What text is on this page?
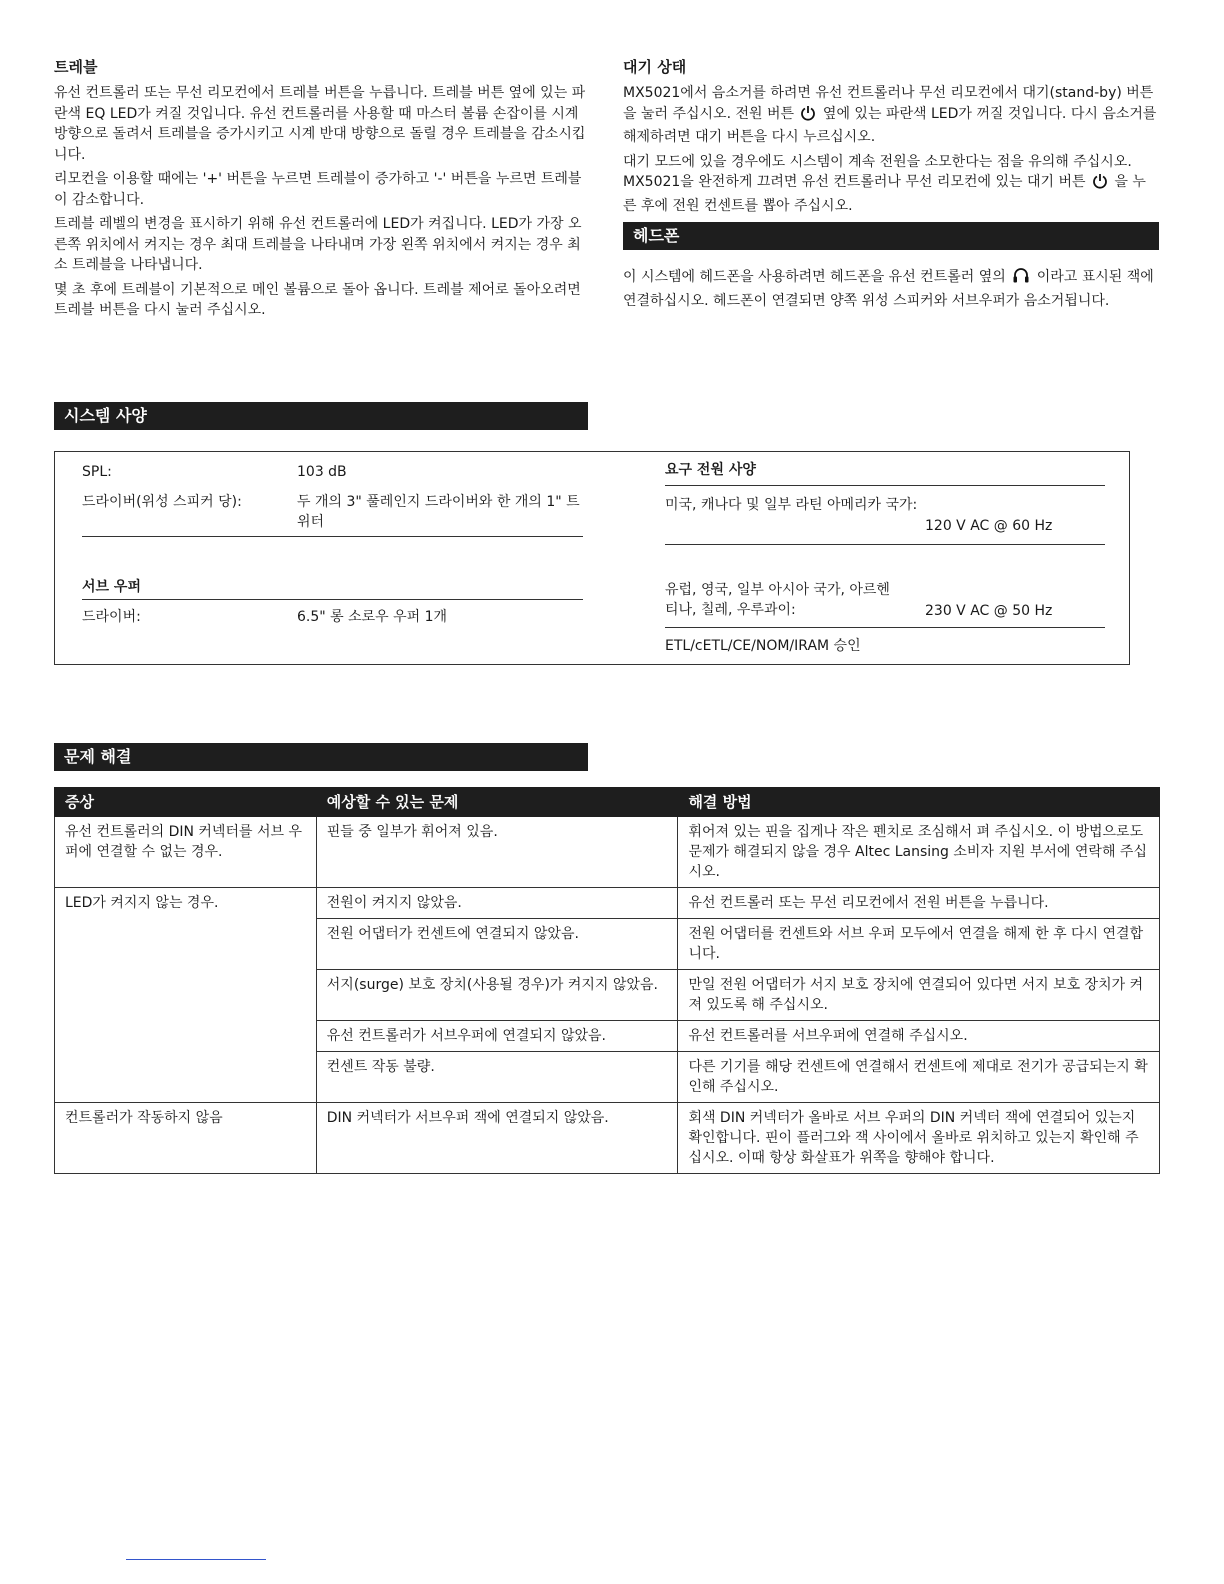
트레블

유선 컨트롤러 또는 무선 리모컨에서 트레블 버튼을 누릅니다. 트레블 버튼 옆에 있는 파란색 EQ LED가 켜질 것입니다. 유선 컨트롤러를 사용할 때 마스터 볼륨 손잡이를 시계 방향으로 돌려서 트레블을 증가시키고 시계 반대 방향으로 돌릴 경우 트레블을 감소시킵니다.

리모컨을 이용할 때에는 '+' 버튼을 누르면 트레블이 증가하고 '-' 버튼을 누르면 트레블이 감소합니다.

트레블 레벨의 변경을 표시하기 위해 유선 컨트롤러에 LED가 켜집니다. LED가 가장 오른쪽 위치에서 켜지는 경우 최대 트레블을 나타내며 가장 왼쪽 위치에서 켜지는 경우 최소 트레블을 나타냅니다.

몇 초 후에 트레블이 기본적으로 메인 볼륨으로 돌아 옵니다. 트레블 제어로 돌아오려면 트레블 버튼을 다시 눌러 주십시오.

대기 상태

MX5021에서 음소거를 하려면 유선 컨트롤러나 무선 리모컨에서 대기(stand-by) 버튼을 눌러 주십시오. 전원 버튼 옆에 있는 파란색 LED가 꺼질 것입니다. 다시 음소거를 해제하려면 대기 버튼을 다시 누르십시오.

대기 모드에 있을 경우에도 시스템이 계속 전원을 소모한다는 점을 유의해 주십시오. MX5021을 완전하게 끄려면 유선 컨트롤러나 무선 리모컨에 있는 대기 버튼 을 누른 후에 전원 컨센트를 뽑아 주십시오.

헤드폰

이 시스템에 헤드폰을 사용하려면 헤드폰을 유선 컨트롤러 옆의 이라고 표시된 잭에 연결하십시오. 헤드폰이 연결되면 양쪽 위성 스피커와 서브우퍼가 음소거됩니다.

시스템 사양
SPL:	103 dB
드라이버(위성 스피커 당):	두 개의 3" 풀레인지 드라이버와 한 개의 1" 트위터
서브 우퍼
드라이버:	6.5" 롱 소로우 우퍼 1개
요구 전원 사양
미국, 캐나다 및 일부 라틴 아메리카 국가:
120 V AC @ 60 Hz
유럽, 영국, 일부 아시아 국가, 아르헨티나, 칠레, 우루과이:	230 V AC @ 50 Hz
ETL/cETL/CE/NOM/IRAM 승인
문제 해결
증상	예상할 수 있는 문제	해결 방법
유선 컨트롤러의 DIN 커넥터를 서브 우퍼에 연결할 수 없는 경우.	핀들 중 일부가 휘어져 있음.	휘어져 있는 핀을 집게나 작은 펜치로 조심해서 펴 주십시오. 이 방법으로도 문제가 해결되지 않을 경우 Altec Lansing 소비자 지원 부서에 연락해 주십시오.
LED가 켜지지 않는 경우.	전원이 켜지지 않았음.	유선 컨트롤러 또는 무선 리모컨에서 전원 버튼을 누릅니다.
	전원 어댑터가 컨센트에 연결되지 않았음.	전원 어댑터를 컨센트와 서브 우퍼 모두에서 연결을 해제 한 후 다시 연결합니다.
	서지(surge) 보호 장치(사용될 경우)가 켜지지 않았음.	만일 전원 어댑터가 서지 보호 장치에 연결되어 있다면 서지 보호 장치가 켜져 있도록 해 주십시오.
	유선 컨트롤러가 서브우퍼에 연결되지 않았음.	유선 컨트롤러를 서브우퍼에 연결해 주십시오.
	컨센트 작동 불량.	다른 기기를 해당 컨센트에 연결해서 컨센트에 제대로 전기가 공급되는지 확인해 주십시오.
컨트롤러가 작동하지 않음	DIN 커넥터가 서브우퍼 잭에 연결되지 않았음.	회색 DIN 커넥터가 올바로 서브 우퍼의 DIN 커넥터 잭에 연결되어 있는지 확인합니다. 핀이 플러그와 잭 사이에서 올바로 위치하고 있는지 확인해 주십시오. 이때 항상 화살표가 위쪽을 향해야 합니다.
